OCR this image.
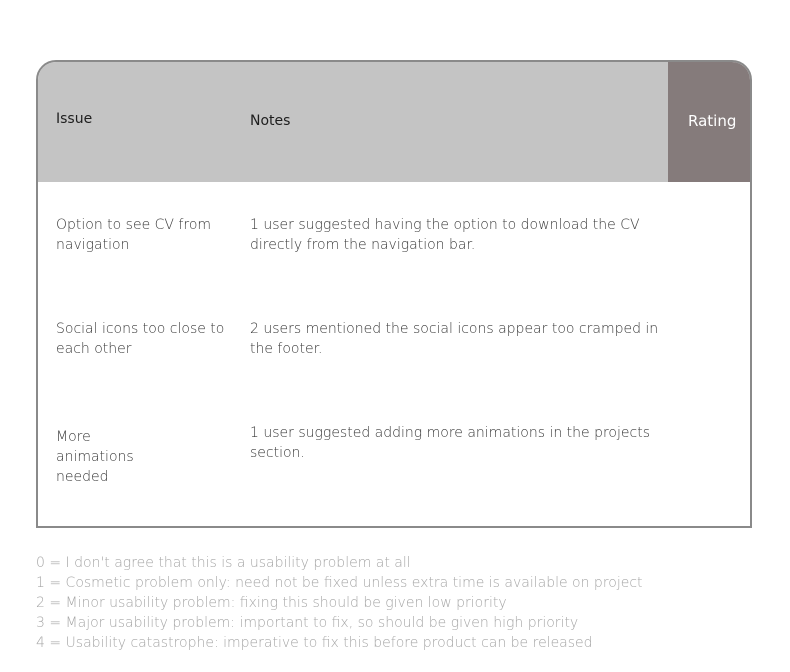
Issue	Notes	Rating
Option to see CV from navigation
1 user suggested having the option to download the CV directly from the navigation bar.
Social icons too close to each other
2 users mentioned the social icons appear too cramped in the footer.
More animations needed
1 user suggested adding more animations in the projects section.
0 = I don't agree that this is a usability problem at all
1 = Cosmetic problem only: need not be fixed unless extra time is available on project
2 = Minor usability problem: fixing this should be given low priority
3 = Major usability problem: important to fix, so should be given high priority
4 = Usability catastrophe: imperative to fix this before product can be released
